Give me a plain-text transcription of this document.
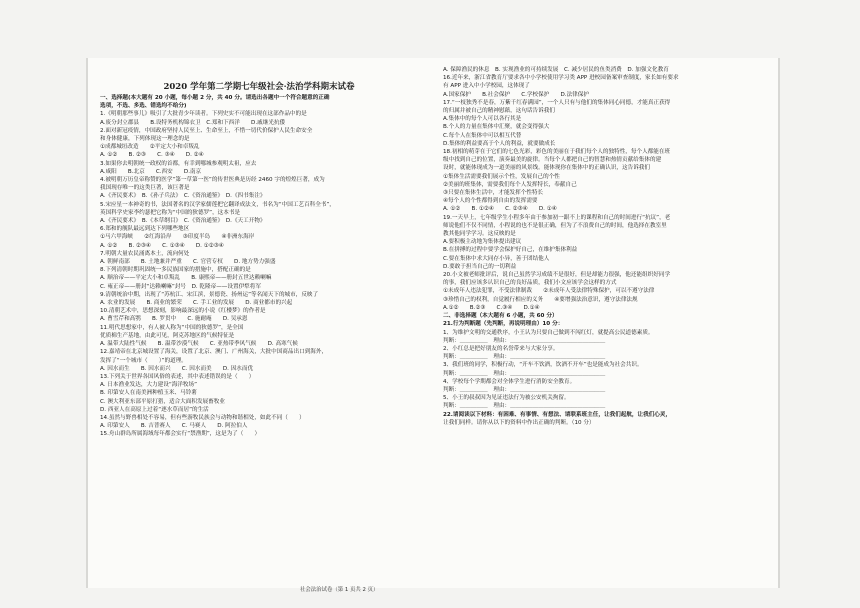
2020 学年第二学期七年级社会·法治学科期末试卷
一、选择题(本大题有 20 小题，每小题 2 分，共 40 分。请选出各题中一个符合题意的正确
选项，不选、多选、错选均不给分)
1.《明朝那些事儿》吸引了大批青少年读者。下列史实不可能出现在这部作品中的是
A.废分封立郡县　　B.设特务机构锦衣卫　C.郑和下西洋　　D.戚继光抗倭
2.面对新冠疫情，中国政府坚持人民至上、生命至上，不惜一切代价保护人民生命安全
和身体健康，下列体现这一理念的是
①成都城垣改造　　②平定大小和卓叛乱
A. ①②　　B. ②③　　C. ③④　　D. ②④
3.如果你去明朝统一政权的首都，有幸到哪城参观明太祖，应去
A.咸阳　　B.北京　　C.西安　　D.南京
4.被明朝万历皇帝称赞的医学“第一草第一医”的传世医典是历经 2460 字的煌煌巨著，成为
我国现存唯一的这类巨著，该巨著是
A.《齐民要术》　B.《孙子兵法》　C.《资治通鉴》　D.《四书集注》
5.宋应星一本神奇的书，法国著名的汉学家儒莲把它翻译成法文，书名为“中国工艺百科全书”，
英国科学史家李约瑟把它称为“中国的狄德罗”，这本书是
A.《齐民要术》　B.《本草纲目》　C.《资治通鉴》　D.《天工开物》
6.郑和的舰队最远到达下列哪些地区
①马六甲海峡　　②红海沿岸　　③印度半岛　　④非洲东海岸
A. ①②　　B. ②③④　　C. ①③④　　D. ①②③④
7.明朝大量农民涌离本土，流向何处
A. 朝鲜南部　　B. 土地兼并严重　　C. 官营专权　　D. 地方势力强盛
8.下列清朝时期巩固统一多民族国家的措施中，搭配正确的是
A. 顺治帝——平定大小和卓叛乱　　B. 康熙帝——册封五世达赖喇嘛
C. 雍正帝——册封“达赖喇嘛”封号　D. 乾隆帝——设置伊犁将军
9.清朝统治中期，出现了“苏杭江、宋江滨，景德瓷、扬州运”等名闻天下的城市，反映了
A. 农业的发展　　B. 商业的繁荣　　C. 手工业的发展　　D. 商业都市的兴起
10.清朝艺术中，思想深刻，影响最深远的小说《红楼梦》的作者是
A. 曹雪芹和高鹗　　B. 罗贯中　　C. 施耐庵　　D. 吴承恩
11.明代思想家中，有人被人称为“中国的狄德罗”，是全国
优质棉生产基地，由此可见，阿克苏地区的气候特征是
A. 温带大陆性气候　　B. 温带沙漠气候　　C. 亚热带季风气候　　D. 高寒气候
12.嘉靖帝在北京城设置了海关，设置了北京、澳门、广州海关，大批中国商品出口到海外，
发挥了“一个城市（　　）”的道理。
A. 因水而生　　B. 因水而兴　　C. 因水而美　　D. 因水而优
13.下列关于世界各国风俗的表述，其中表述错误的是（　　）
A. 日本渔业发达，大力建设“海洋牧场”
B. 印第安人在南美洲种植玉米、马铃薯
C. 澳大利亚东部平原打猎，适合大面积发展畜牧业
D. 西亚人在高原上过着“逐水草而居”的生活
14.虽然与野兽相处不容易，但有些游牧民族会与动物和谐相处，如此不同（　　）
A. 印第安人　　B. 吉普赛人　　C. 马赛人　　D. 阿拉伯人
15.舟山群岛所属海域每年都会实行“禁渔期”，这是为了（　　）
A. 保障渔民的休息　B. 实现渔业的可持续发展　C. 减少居民的鱼类消费　D. 加强文化教育
16.近年来，浙江省教育厅要求各中小学校使用学习类 APP 进校园备案审查制度，家长如有要求
有 APP 进入中小学校园，这体现了
A.国家保护　　B.社会保护　　C.学校保护　　D.法律保护
17.“一枝独秀不是春，万紫千红春满园”，一个人只有与他们的集体同心同德，才能真正获得
的归属并被自己的精神慰藉，这句话告诉我们
A.集体中的每个人可以各行其是
B.个人的力量在集体中汇聚，就会变得强大
C.每个人在集体中可以相互代替
D.集体的利益要高于个人的利益，就要做成长
18.初相的萌芽在于它们的七色光彩，彩色的美丽在于我们每个人的独特性，每个人都能在班
级中找到自己的位置，演奏最美的旋律。当每个人都把自己的智慧和热情贡献给集体的建
设时，就能体现成为一道美丽的风景线。能体现你在集体中的正确认识，这告诉我们
①集体生活需要我们展示个性，发展自己的个性
②美丽的班集体，需要我们每个人发挥特长，奉献自己
③只要在集体生活中，才能发挥个性特长
④每个人的个性都得到自由的发挥需要
A. ①②　　B. ①②④　　C. ②③④　　D. ①④
19.一天早上，七年级学生小程多年由于参加初一跟不上的课程和自己的时间进行“抗议”，老
师说他们不仅不同情，小程说的也不是很正确，但为了不浪费自己的时间，他选择在教室里
教其他同学学习。这反映的是
A.要积极主动地为集体提出建议
B.在拼搏的过程中要学会保护好自己，在维护集体利益
C.要在集体中求大同存小异，善于团结他人
D.要敢于担当自己的一切利益
20.小文被老师批评后，说自己虽然学习成绩不是很好，但是却能力很强，他还能组织好同学
的事，我们应该多认识自己的良好品质，我们小文应该学会这样的方式
①未成年人违法犯罪，不受法律制裁　　②未成年人受法律特殊保护，可以不遵守法律
③珍惜自己的权利，自觉履行相应的义务　　④要增强法治意识，遵守法律法规
A.①②　　B.②③　　C.③④　　D.①④
二、非选择题（本大题有 6 小题，共 60 分）
21.行为判断题（先判断，再说明理由）10 分：
1、为维护文明的交通秩序，小王认为只要自己做到不闯红灯，就提高公民道德素质。
判断：＿＿＿＿＿　理由：＿＿＿＿＿＿＿＿＿＿＿＿＿＿＿＿＿
2、小红总是把好朋友的名誉带来与大家分享。
判断：＿＿＿＿＿　理由：＿＿＿＿＿＿＿＿＿＿＿＿＿＿＿＿＿
3、我们班的同学，积极行动，“开车不饮酒，饮酒不开车”也是能成为社会共识。
判断：＿＿＿＿＿　理由：＿＿＿＿＿＿＿＿＿＿＿＿＿＿＿＿＿
4、学校每个学期都会对全体学生进行消防安全教育。
判断：＿＿＿＿＿　理由：＿＿＿＿＿＿＿＿＿＿＿＿＿＿＿＿＿
5、小王的叔叔因为见证违法行为被公安机关拘留。
判断：＿＿＿＿＿　理由：＿＿＿＿＿＿＿＿＿＿＿＿＿＿＿＿＿
22.请阅读以下材料：有困难、有事情、有想法、请联系班主任，让我们起航，让我们心灵，
让我们同样。请你从以下的资料中作出正确的判断。（10 分）
社会法治试卷（第 1 页共 2 页）
